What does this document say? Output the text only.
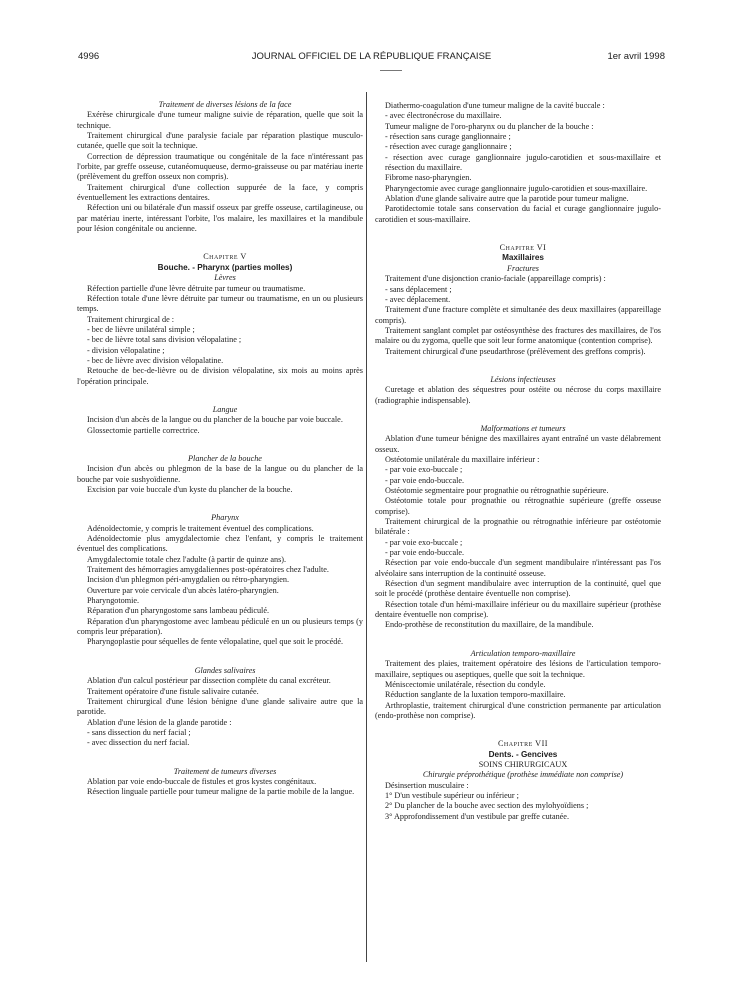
4996	JOURNAL OFFICIEL DE LA RÉPUBLIQUE FRANÇAISE	1er avril 1998

Traitement de diverses lésions de la face

Exérèse chirurgicale d'une tumeur maligne suivie de réparation, quelle que soit la technique.

Traitement chirurgical d'une paralysie faciale par réparation plastique musculo-cutanée, quelle que soit la technique.

Correction de dépression traumatique ou congénitale de la face n'intéressant pas l'orbite, par greffe osseuse, cutanéomuqueuse, dermo-graisseuse ou par matériau inerte (prélèvement du greffon osseux non compris).

Traitement chirurgical d'une collection suppurée de la face, y compris éventuellement les extractions dentaires.

Réfection uni ou bilatérale d'un massif osseux par greffe osseuse, cartilagineuse, ou par matériau inerte, intéressant l'orbite, l'os malaire, les maxillaires et la mandibule pour lésion congénitale ou ancienne.

Chapitre V

Bouche. - Pharynx (parties molles)

Lèvres

Réfection partielle d'une lèvre détruite par tumeur ou traumatisme.

Réfection totale d'une lèvre détruite par tumeur ou traumatisme, en un ou plusieurs temps.

Traitement chirurgical de :

- bec de lièvre unilatéral simple ;

- bec de lièvre total sans division vélopalatine ;

- division vélopalatine ;

- bec de lièvre avec division vélopalatine.

Retouche de bec-de-lièvre ou de division vélopalatine, six mois au moins après l'opération principale.

Langue

Incision d'un abcès de la langue ou du plancher de la bouche par voie buccale.

Glossectomie partielle correctrice.

Plancher de la bouche

Incision d'un abcès ou phlegmon de la base de la langue ou du plancher de la bouche par voie sushyoïdienne.

Excision par voie buccale d'un kyste du plancher de la bouche.

Pharynx

Adénoïdectomie, y compris le traitement éventuel des complications.

Adénoïdectomie plus amygdalectomie chez l'enfant, y compris le traitement éventuel des complications.

Amygdalectomie totale chez l'adulte (à partir de quinze ans).

Traitement des hémorragies amygdaliennes post-opératoires chez l'adulte.

Incision d'un phlegmon péri-amygdalien ou rétro-pharyngien.

Ouverture par voie cervicale d'un abcès latéro-pharyngien.

Pharyngotomie.

Réparation d'un pharyngostome sans lambeau pédiculé.

Réparation d'un pharyngostome avec lambeau pédiculé en un ou plusieurs temps (y compris leur préparation).

Pharyngoplastie pour séquelles de fente vélopalatine, quel que soit le procédé.

Glandes salivaires

Ablation d'un calcul postérieur par dissection complète du canal excréteur.

Traitement opératoire d'une fistule salivaire cutanée.

Traitement chirurgical d'une lésion bénigne d'une glande salivaire autre que la parotide.

Ablation d'une lésion de la glande parotide :

- sans dissection du nerf facial ;

- avec dissection du nerf facial.

Traitement de tumeurs diverses

Ablation par voie endo-buccale de fistules et gros kystes congénitaux.

Résection linguale partielle pour tumeur maligne de la partie mobile de la langue.

Diathermo-coagulation d'une tumeur maligne de la cavité buccale :

- avec électronécrose du maxillaire.

Tumeur maligne de l'oro-pharynx ou du plancher de la bouche :

- résection sans curage ganglionnaire ;

- résection avec curage ganglionnaire ;

- résection avec curage ganglionnaire jugulo-carotidien et sous-maxillaire et résection du maxillaire.

Fibrome naso-pharyngien.

Pharyngectomie avec curage ganglionnaire jugulo-carotidien et sous-maxillaire.

Ablation d'une glande salivaire autre que la parotide pour tumeur maligne.

Parotidectomie totale sans conservation du facial et curage ganglionnaire jugulo-carotidien et sous-maxillaire.

Chapitre VI

Maxillaires

Fractures

Traitement d'une disjonction cranio-faciale (appareillage compris) :

- sans déplacement ;

- avec déplacement.

Traitement d'une fracture complète et simultanée des deux maxillaires (appareillage compris).

Traitement sanglant complet par ostéosynthèse des fractures des maxillaires, de l'os malaire ou du zygoma, quelle que soit leur forme anatomique (contention comprise).

Traitement chirurgical d'une pseudarthrose (prélèvement des greffons compris).

Lésions infectieuses

Curetage et ablation des séquestres pour ostéite ou nécrose du corps maxillaire (radiographie indispensable).

Malformations et tumeurs

Ablation d'une tumeur bénigne des maxillaires ayant entraîné un vaste délabrement osseux.

Ostéotomie unilatérale du maxillaire inférieur :

- par voie exo-buccale ;

- par voie endo-buccale.

Ostéotomie segmentaire pour prognathie ou rétrognathie supérieure.

Ostéotomie totale pour prognathie ou rétrognathie supérieure (greffe osseuse comprise).

Traitement chirurgical de la prognathie ou rétrognathie inférieure par ostéotomie bilatérale :

- par voie exo-buccale ;

- par voie endo-buccale.

Résection par voie endo-buccale d'un segment mandibulaire n'intéressant pas l'os alvéolaire sans interruption de la continuité osseuse.

Résection d'un segment mandibulaire avec interruption de la continuité, quel que soit le procédé (prothèse dentaire éventuelle non comprise).

Résection totale d'un hémi-maxillaire inférieur ou du maxillaire supérieur (prothèse dentaire éventuelle non comprise).

Endo-prothèse de reconstitution du maxillaire, de la mandibule.

Articulation temporo-maxillaire

Traitement des plaies, traitement opératoire des lésions de l'articulation temporo-maxillaire, septiques ou aseptiques, quelle que soit la technique.

Méniscectomie unilatérale, résection du condyle.

Réduction sanglante de la luxation temporo-maxillaire.

Arthroplastie, traitement chirurgical d'une constriction permanente par articulation (endo-prothèse non comprise).

Chapitre VII

Dents. - Gencives

SOINS CHIRURGICAUX

Chirurgie préprothétique (prothèse immédiate non comprise)

Désinsertion musculaire :

1° D'un vestibule supérieur ou inférieur ;

2° Du plancher de la bouche avec section des mylohyoïdiens ;

3° Approfondissement d'un vestibule par greffe cutanée.
